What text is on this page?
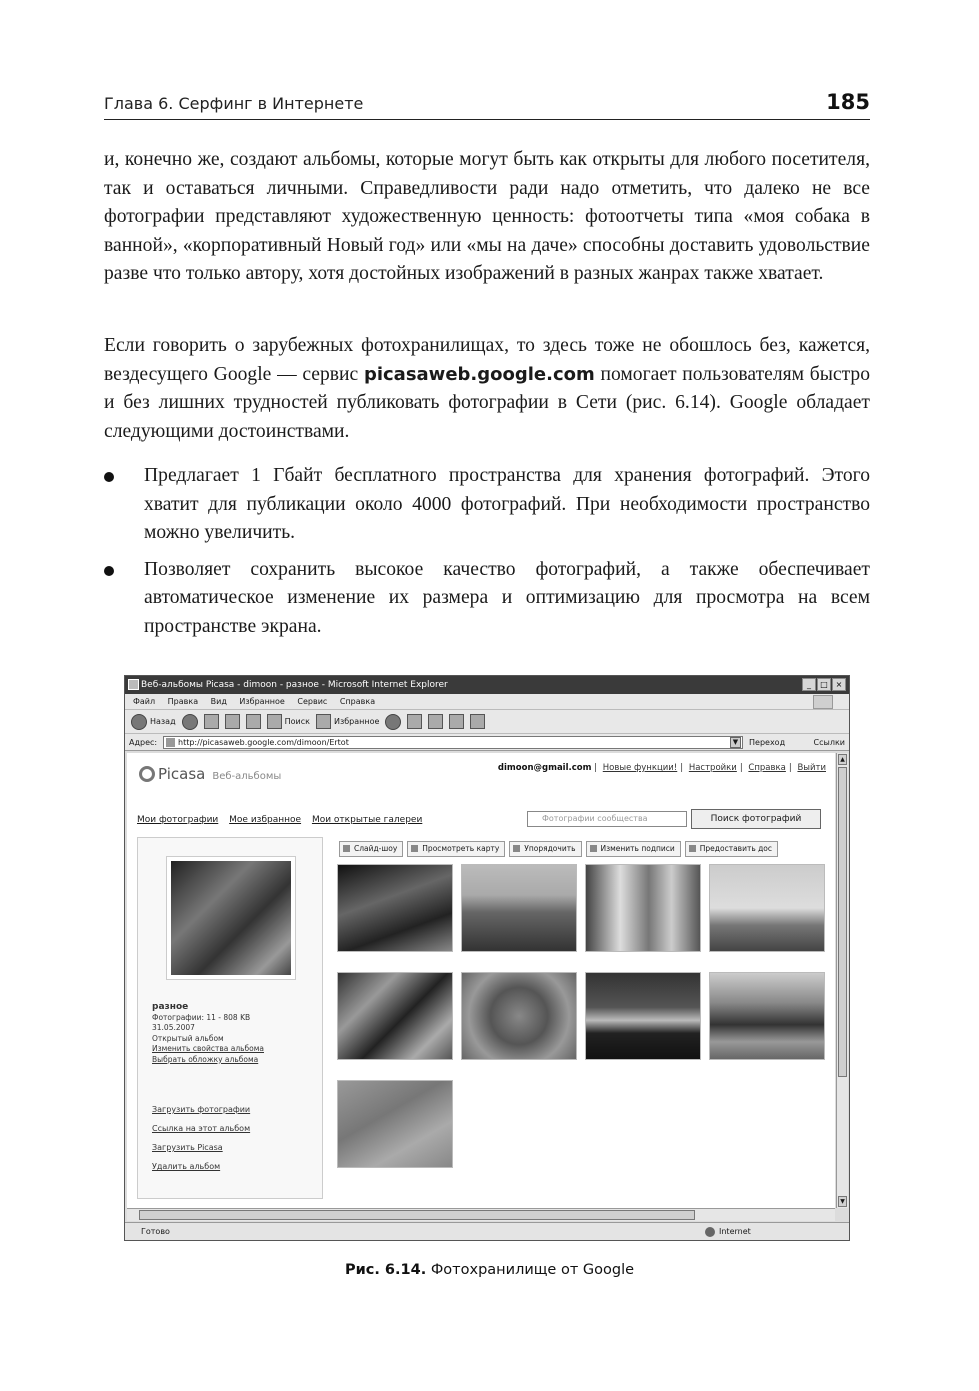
Глава 6. Серфинг в Интернете	185

и, конечно же, создают альбомы, которые могут быть как открыты для любого посетителя, так и оставаться личными. Справедливости ради надо отметить, что далеко не все фотографии представляют художественную ценность: фотоотчеты типа «моя собака в ванной», «корпоративный Новый год» или «мы на даче» способны доставить удовольствие разве что только автору, хотя достойных изображений в разных жанрах также хватает.

Если говорить о зарубежных фотохранилищах, то здесь тоже не обошлось без, кажется, вездесущего Google — сервис picasaweb.google.com помогает пользователям быстро и без лишних трудностей публиковать фотографии в Сети (рис. 6.14). Google обладает следующими достоинствами.

Предлагает 1 Гбайт бесплатного пространства для хранения фотографий. Этого хватит для публикации около 4000 фотографий. При необходимости пространство можно увеличить.
Позволяет сохранить высокое качество фотографий, а также обеспечивает автоматическое изменение их размера и оптимизацию для просмотра на всем пространстве экрана.
Веб-альбомы Picasa - dimoon - разное - Microsoft Internet Explorer	_	□ ×
Файл Правка Вид Избранное Сервис Справка
Назад	Поиск	Избранное
Адрес:	http://picasaweb.google.com/dimoon/Ertot	▼	Переход	Ссылки
Picasa Веб-альбомы
dimoon@gmail.com | Новые функции! | Настройки | Справка | Выйти
Мои фотографии Мое избранное Мои открытые галереи	Фотографии сообщества	Поиск фотографий
разное
Фотографии: 11 - 808 KB
31.05.2007
Открытый альбом
Изменить свойства альбома
Выбрать обложку альбома
Загрузить фотографии
Ссылка на этот альбом
Загрузить Picasa
Удалить альбом
Слайд-шоу	Просмотреть карту	Упорядочить	Изменить подписи	Предоставить дос
▲
▼
Готово	Internet
Рис. 6.14. Фотохранилище от Google
